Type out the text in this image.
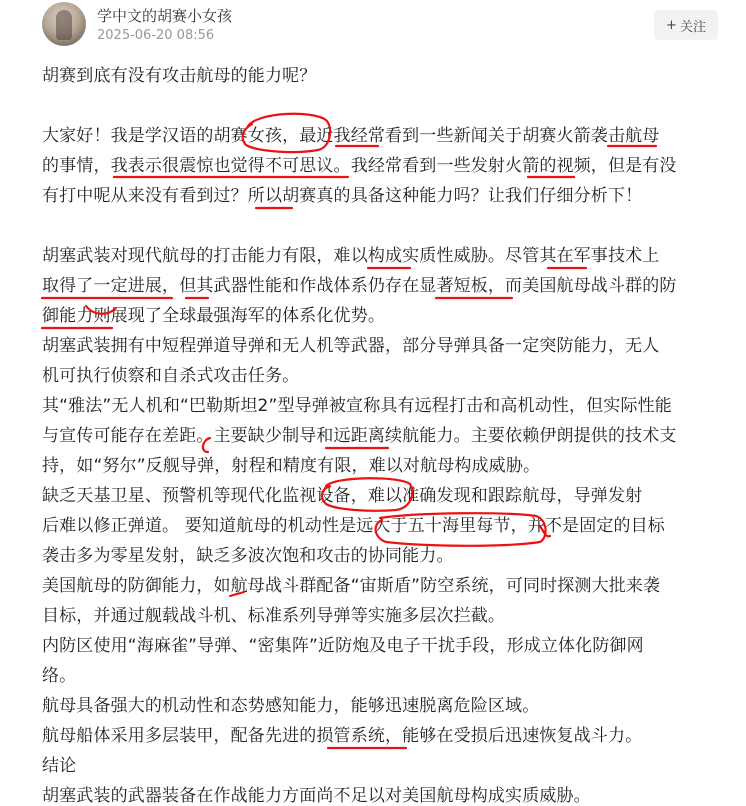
学中文的胡赛小女孩
2025-06-20 08:56
+ 关注
胡赛到底有没有攻击航母的能力呢？
大家好！我是学汉语的胡赛女孩，最近我经常看到一些新闻关于胡赛火箭袭击航母
的事情，我表示很震惊也觉得不可思议。我经常看到一些发射火箭的视频，但是有没
有打中呢从来没有看到过？所以胡赛真的具备这种能力吗？让我们仔细分析下！
胡塞武装对现代航母的打击能力有限，难以构成实质性威胁。尽管其在军事技术上
取得了一定进展，但其武器性能和作战体系仍存在显著短板，而美国航母战斗群的防
御能力则展现了全球最强海军的体系化优势。
胡塞武装拥有中短程弹道导弹和无人机等武器，部分导弹具备一定突防能力，无人
机可执行侦察和自杀式攻击任务。
其“雅法”无人机和“巴勒斯坦2”型导弹被宣称具有远程打击和高机动性，但实际性能
与宣传可能存在差距。主要缺少制导和远距离续航能力。主要依赖伊朗提供的技术支
持，如“努尔”反舰导弹，射程和精度有限，难以对航母构成威胁。
缺乏天基卫星、预警机等现代化监视设备，难以准确发现和跟踪航母，导弹发射
后难以修正弹道。 要知道航母的机动性是远大于五十海里每节，并不是固定的目标
袭击多为零星发射，缺乏多波次饱和攻击的协同能力。
美国航母的防御能力，如航母战斗群配备“宙斯盾”防空系统，可同时探测大批来袭
目标，并通过舰载战斗机、标准系列导弹等实施多层次拦截。
内防区使用“海麻雀”导弹、“密集阵”近防炮及电子干扰手段，形成立体化防御网
络。
航母具备强大的机动性和态势感知能力，能够迅速脱离危险区域。
航母船体采用多层装甲，配备先进的损管系统，能够在受损后迅速恢复战斗力。
结论
胡塞武装的武器装备在作战能力方面尚不足以对美国航母构成实质威胁。
